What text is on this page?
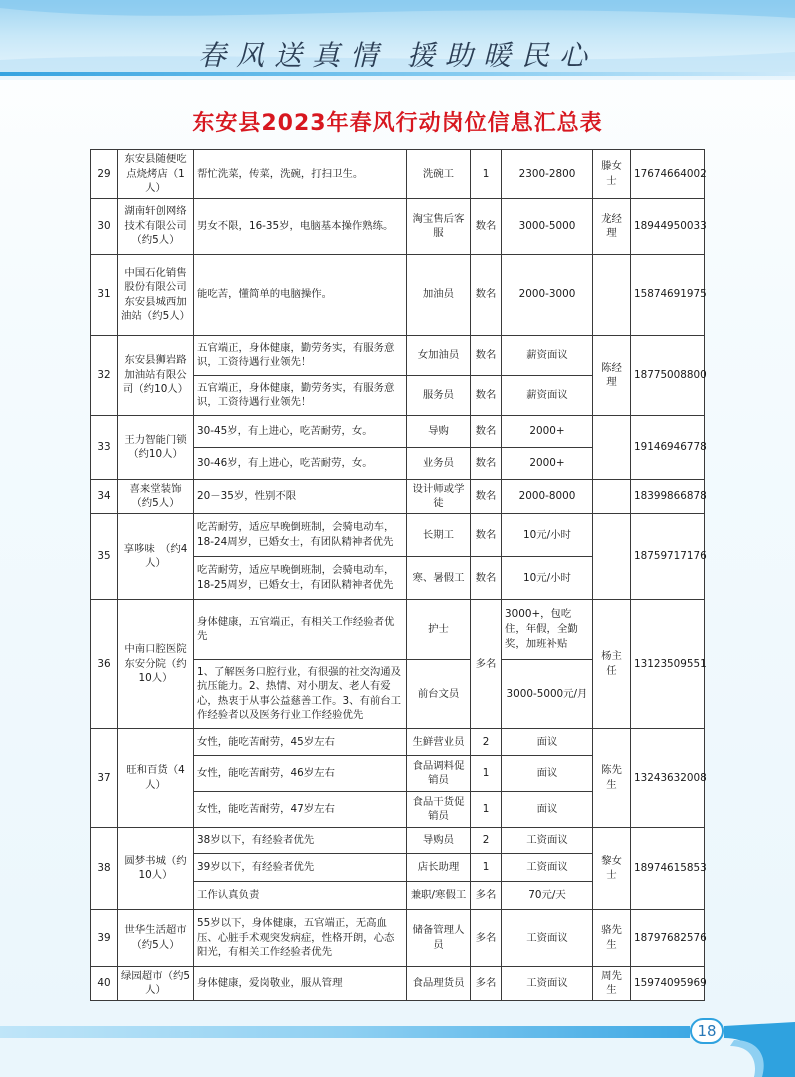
春风送真情 援助暖民心
东安县2023年春风行动岗位信息汇总表
29	东安县随便吃点烧烤店（1人）	帮忙洗菜，传菜，洗碗，打扫卫生。	洗碗工	1	2300-2800	滕女士	17674664002
30	湖南轩创网络技术有限公司（约5人）	男女不限，16-35岁，电脑基本操作熟练。	淘宝售后客服	数名	3000-5000	龙经理	18944950033
31	中国石化销售股份有限公司东安县城西加油站（约5人）	能吃苦，懂简单的电脑操作。	加油员	数名	2000-3000		15874691975
32	东安县狮岩路加油站有限公司（约10人）	五官端正，身体健康，勤劳务实，有服务意识，工资待遇行业领先！	女加油员	数名	薪资面议	陈经理	18775008800
		五官端正，身体健康，勤劳务实，有服务意识，工资待遇行业领先！	服务员	数名	薪资面议		
33	王力智能门锁（约10人）	30-45岁，有上进心，吃苦耐劳，女。	导购	数名	2000+		19146946778
		30-46岁，有上进心，吃苦耐劳，女。	业务员	数名	2000+		
34	喜来堂装饰（约5人）	20－35岁，性别不限	设计师或学徒	数名	2000-8000		18399866878
35	享哆味　（约4人）	吃苦耐劳，适应早晚倒班制，会骑电动车，18-24周岁，已婚女士，有团队精神者优先	长期工	数名	10元/小时		18759717176
		吃苦耐劳，适应早晚倒班制，会骑电动车，18-25周岁，已婚女士，有团队精神者优先	寒、暑假工	数名	10元/小时		
36	中南口腔医院东安分院（约10人）	身体健康，五官端正，有相关工作经验者优先	护士	多名	3000+，包吃住，年假，全勤奖，加班补贴	杨主任	13123509551
		1、了解医务口腔行业，有很强的社交沟通及抗压能力。2、热情、对小朋友、老人有爱心，热衷于从事公益慈善工作。3、有前台工作经验者以及医务行业工作经验优先	前台文员		3000-5000元/月		
37	旺和百货（4人）	女性，能吃苦耐劳，45岁左右	生鲜营业员	2	面议	陈先生	13243632008
		女性，能吃苦耐劳，46岁左右	食品调料促销员	1	面议		
		女性，能吃苦耐劳，47岁左右	食品干货促销员	1	面议		
38	圆梦书城（约10人）	38岁以下，有经验者优先	导购员	2	工资面议	黎女士	18974615853
		39岁以下，有经验者优先	店长助理	1	工资面议		
		工作认真负责	兼职/寒假工	多名	70元/天		
39	世华生活超市（约5人）	55岁以下，身体健康，五官端正，无高血压、心脏手术观突发病症，性格开朗，心态阳光，有相关工作经验者优先	储备管理人员	多名	工资面议	骆先生	18797682576
40	绿园超市（约5人）	身体健康，爱岗敬业，服从管理	食品理货员	多名	工资面议	周先生	15974095969
18
